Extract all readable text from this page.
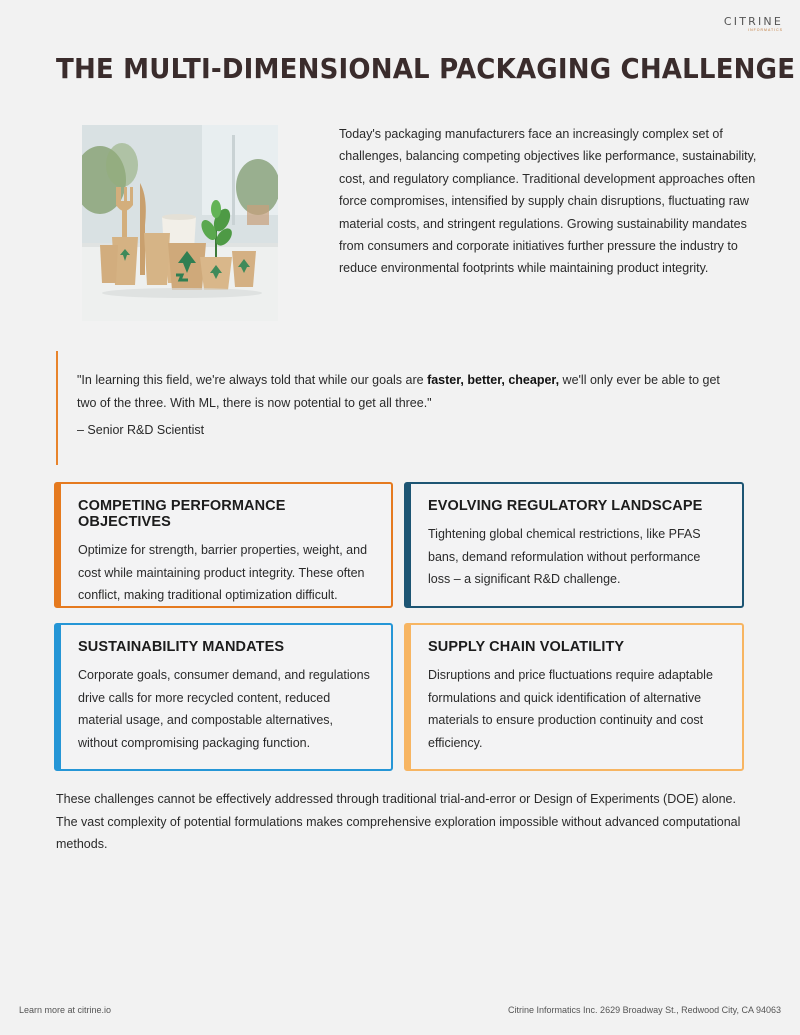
CITRINE
INFORMATICS
THE MULTI-DIMENSIONAL PACKAGING CHALLENGE

Today's packaging manufacturers face an increasingly complex set of challenges, balancing competing objectives like performance, sustainability, cost, and regulatory compliance. Traditional development approaches often force compromises, intensified by supply chain disruptions, fluctuating raw material costs, and stringent regulations. Growing sustainability mandates from consumers and corporate initiatives further pressure the industry to reduce environmental footprints while maintaining product integrity.

"In learning this field, we're always told that while our goals are faster, better, cheaper, we'll only ever be able to get two of the three. With ML, there is now potential to get all three."

– Senior R&D Scientist

COMPETING PERFORMANCE OBJECTIVES

Optimize for strength, barrier properties, weight, and cost while maintaining product integrity. These often conflict, making traditional optimization difficult.

EVOLVING REGULATORY LANDSCAPE

Tightening global chemical restrictions, like PFAS bans, demand reformulation without performance loss – a significant R&D challenge.

SUSTAINABILITY MANDATES

Corporate goals, consumer demand, and regulations drive calls for more recycled content, reduced material usage, and compostable alternatives, without compromising packaging function.

SUPPLY CHAIN VOLATILITY

Disruptions and price fluctuations require adaptable formulations and quick identification of alternative materials to ensure production continuity and cost efficiency.

These challenges cannot be effectively addressed through traditional trial-and-error or Design of Experiments (DOE) alone. The vast complexity of potential formulations makes comprehensive exploration impossible without advanced computational methods.

Learn more at citrine.io	Citrine Informatics Inc. 2629 Broadway St., Redwood City, CA 94063
